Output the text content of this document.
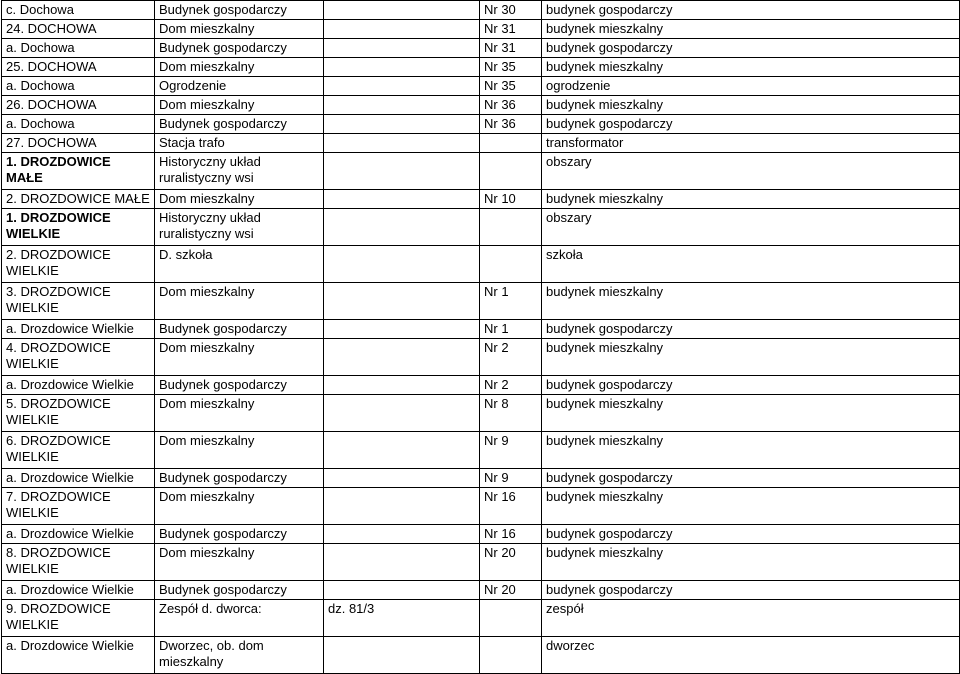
c. Dochowa	Budynek gospodarczy		Nr 30	budynek gospodarczy
24. DOCHOWA	Dom mieszkalny		Nr 31	budynek mieszkalny
a. Dochowa	Budynek gospodarczy		Nr 31	budynek gospodarczy
25. DOCHOWA	Dom mieszkalny		Nr 35	budynek mieszkalny
a. Dochowa	Ogrodzenie		Nr 35	ogrodzenie
26. DOCHOWA	Dom mieszkalny		Nr 36	budynek mieszkalny
a. Dochowa	Budynek gospodarczy		Nr 36	budynek gospodarczy
27. DOCHOWA	Stacja trafo			transformator
1. DROZDOWICE MAŁE	Historyczny układ ruralistyczny wsi			obszary
2. DROZDOWICE MAŁE	Dom mieszkalny		Nr 10	budynek mieszkalny
1. DROZDOWICE WIELKIE	Historyczny układ ruralistyczny wsi			obszary
2. DROZDOWICE WIELKIE	D. szkoła			szkoła
3. DROZDOWICE WIELKIE	Dom mieszkalny		Nr 1	budynek mieszkalny
a. Drozdowice Wielkie	Budynek gospodarczy		Nr 1	budynek gospodarczy
4. DROZDOWICE WIELKIE	Dom mieszkalny		Nr 2	budynek mieszkalny
a. Drozdowice Wielkie	Budynek gospodarczy		Nr 2	budynek gospodarczy
5. DROZDOWICE WIELKIE	Dom mieszkalny		Nr 8	budynek mieszkalny
6. DROZDOWICE WIELKIE	Dom mieszkalny		Nr 9	budynek mieszkalny
a. Drozdowice Wielkie	Budynek gospodarczy		Nr 9	budynek gospodarczy
7. DROZDOWICE WIELKIE	Dom mieszkalny		Nr 16	budynek mieszkalny
a. Drozdowice Wielkie	Budynek gospodarczy		Nr 16	budynek gospodarczy
8. DROZDOWICE WIELKIE	Dom mieszkalny		Nr 20	budynek mieszkalny
a. Drozdowice Wielkie	Budynek gospodarczy		Nr 20	budynek gospodarczy
9. DROZDOWICE WIELKIE	Zespół d. dworca:	dz. 81/3		zespół
a. Drozdowice Wielkie	Dworzec, ob. dom mieszkalny			dworzec
